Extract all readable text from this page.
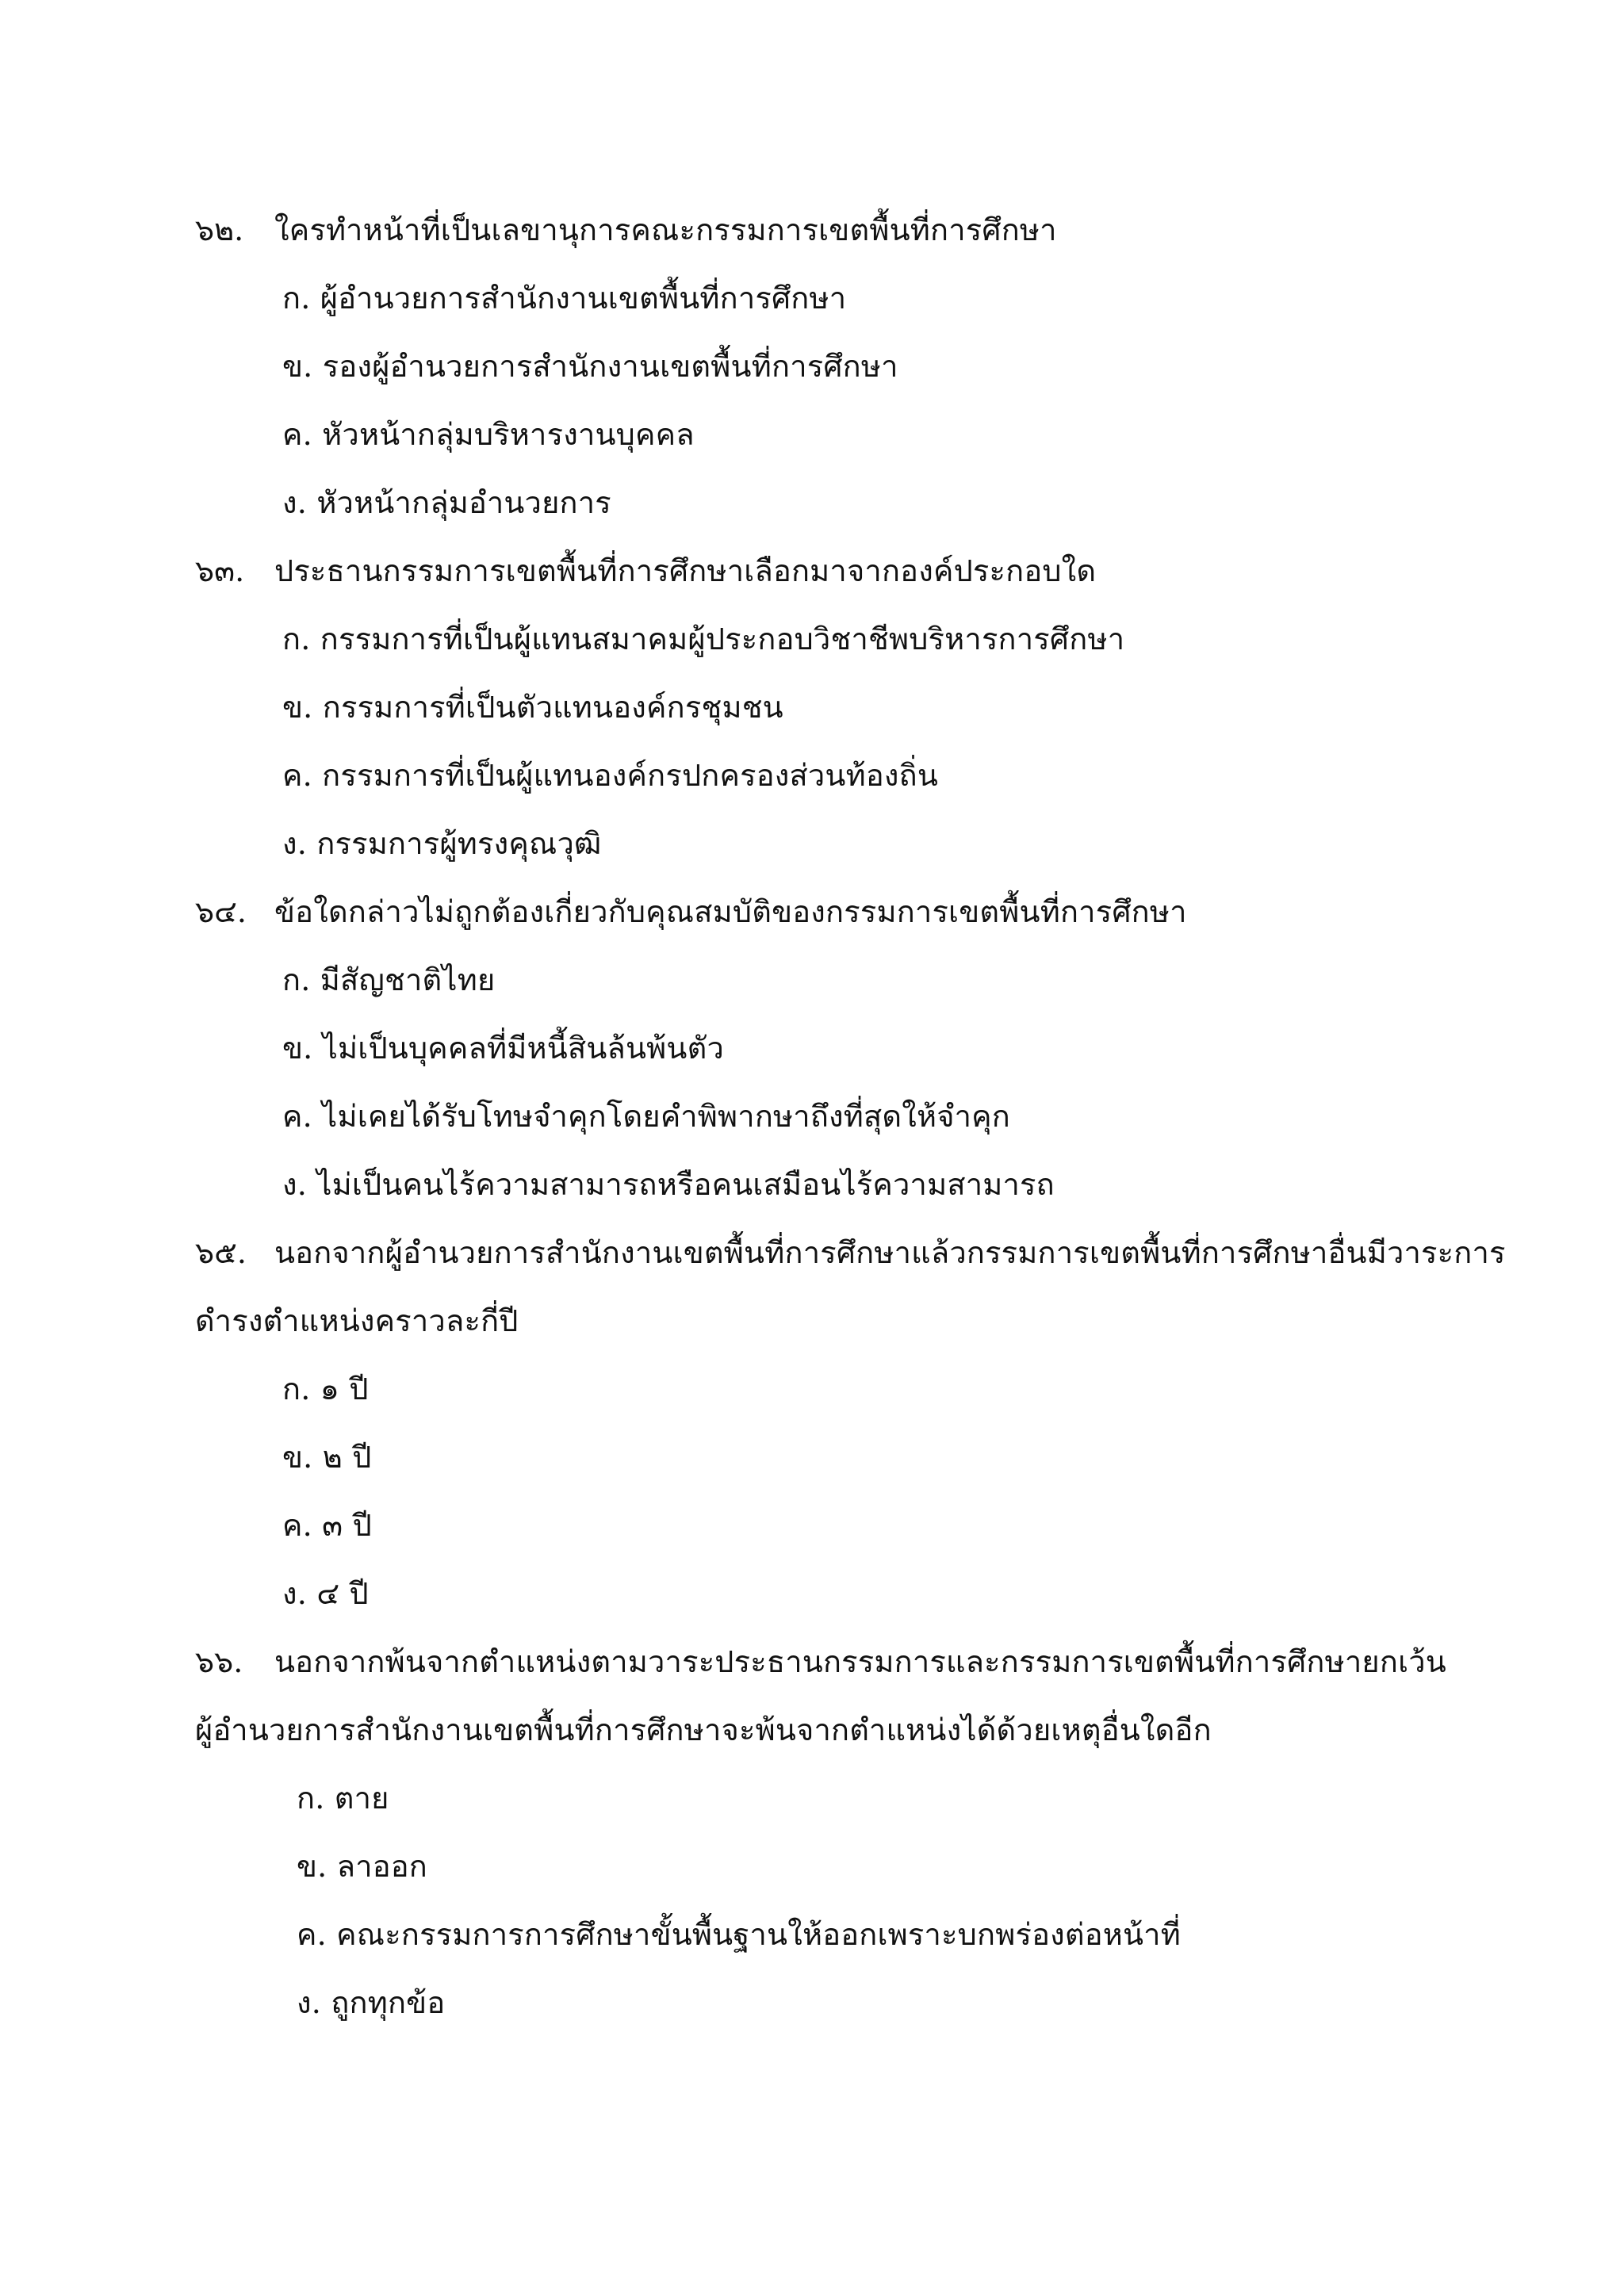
๖๒. ใครทำหน้าที่เป็นเลขานุการคณะกรรมการเขตพื้นที่การศึกษา
ก. ผู้อำนวยการสำนักงานเขตพื้นที่การศึกษา
ข. รองผู้อำนวยการสำนักงานเขตพื้นที่การศึกษา
ค. หัวหน้ากลุ่มบริหารงานบุคคล
ง. หัวหน้ากลุ่มอำนวยการ
๖๓. ประธานกรรมการเขตพื้นที่การศึกษาเลือกมาจากองค์ประกอบใด
ก. กรรมการที่เป็นผู้แทนสมาคมผู้ประกอบวิชาชีพบริหารการศึกษา
ข. กรรมการที่เป็นตัวแทนองค์กรชุมชน
ค. กรรมการที่เป็นผู้แทนองค์กรปกครองส่วนท้องถิ่น
ง. กรรมการผู้ทรงคุณวุฒิ
๖๔. ข้อใดกล่าวไม่ถูกต้องเกี่ยวกับคุณสมบัติของกรรมการเขตพื้นที่การศึกษา
ก. มีสัญชาติไทย
ข. ไม่เป็นบุคคลที่มีหนี้สินล้นพ้นตัว
ค. ไม่เคยได้รับโทษจำคุกโดยคำพิพากษาถึงที่สุดให้จำคุก
ง. ไม่เป็นคนไร้ความสามารถหรือคนเสมือนไร้ความสามารถ
๖๕. นอกจากผู้อำนวยการสำนักงานเขตพื้นที่การศึกษาแล้วกรรมการเขตพื้นที่การศึกษาอื่นมีวาระการ
ดำรงตำแหน่งคราวละกี่ปี
ก. ๑ ปี
ข. ๒ ปี
ค. ๓ ปี
ง. ๔ ปี
๖๖. นอกจากพ้นจากตำแหน่งตามวาระประธานกรรมการและกรรมการเขตพื้นที่การศึกษายกเว้น
ผู้อำนวยการสำนักงานเขตพื้นที่การศึกษาจะพ้นจากตำแหน่งได้ด้วยเหตุอื่นใดอีก
ก. ตาย
ข. ลาออก
ค. คณะกรรมการการศึกษาขั้นพื้นฐานให้ออกเพราะบกพร่องต่อหน้าที่
ง. ถูกทุกข้อ
